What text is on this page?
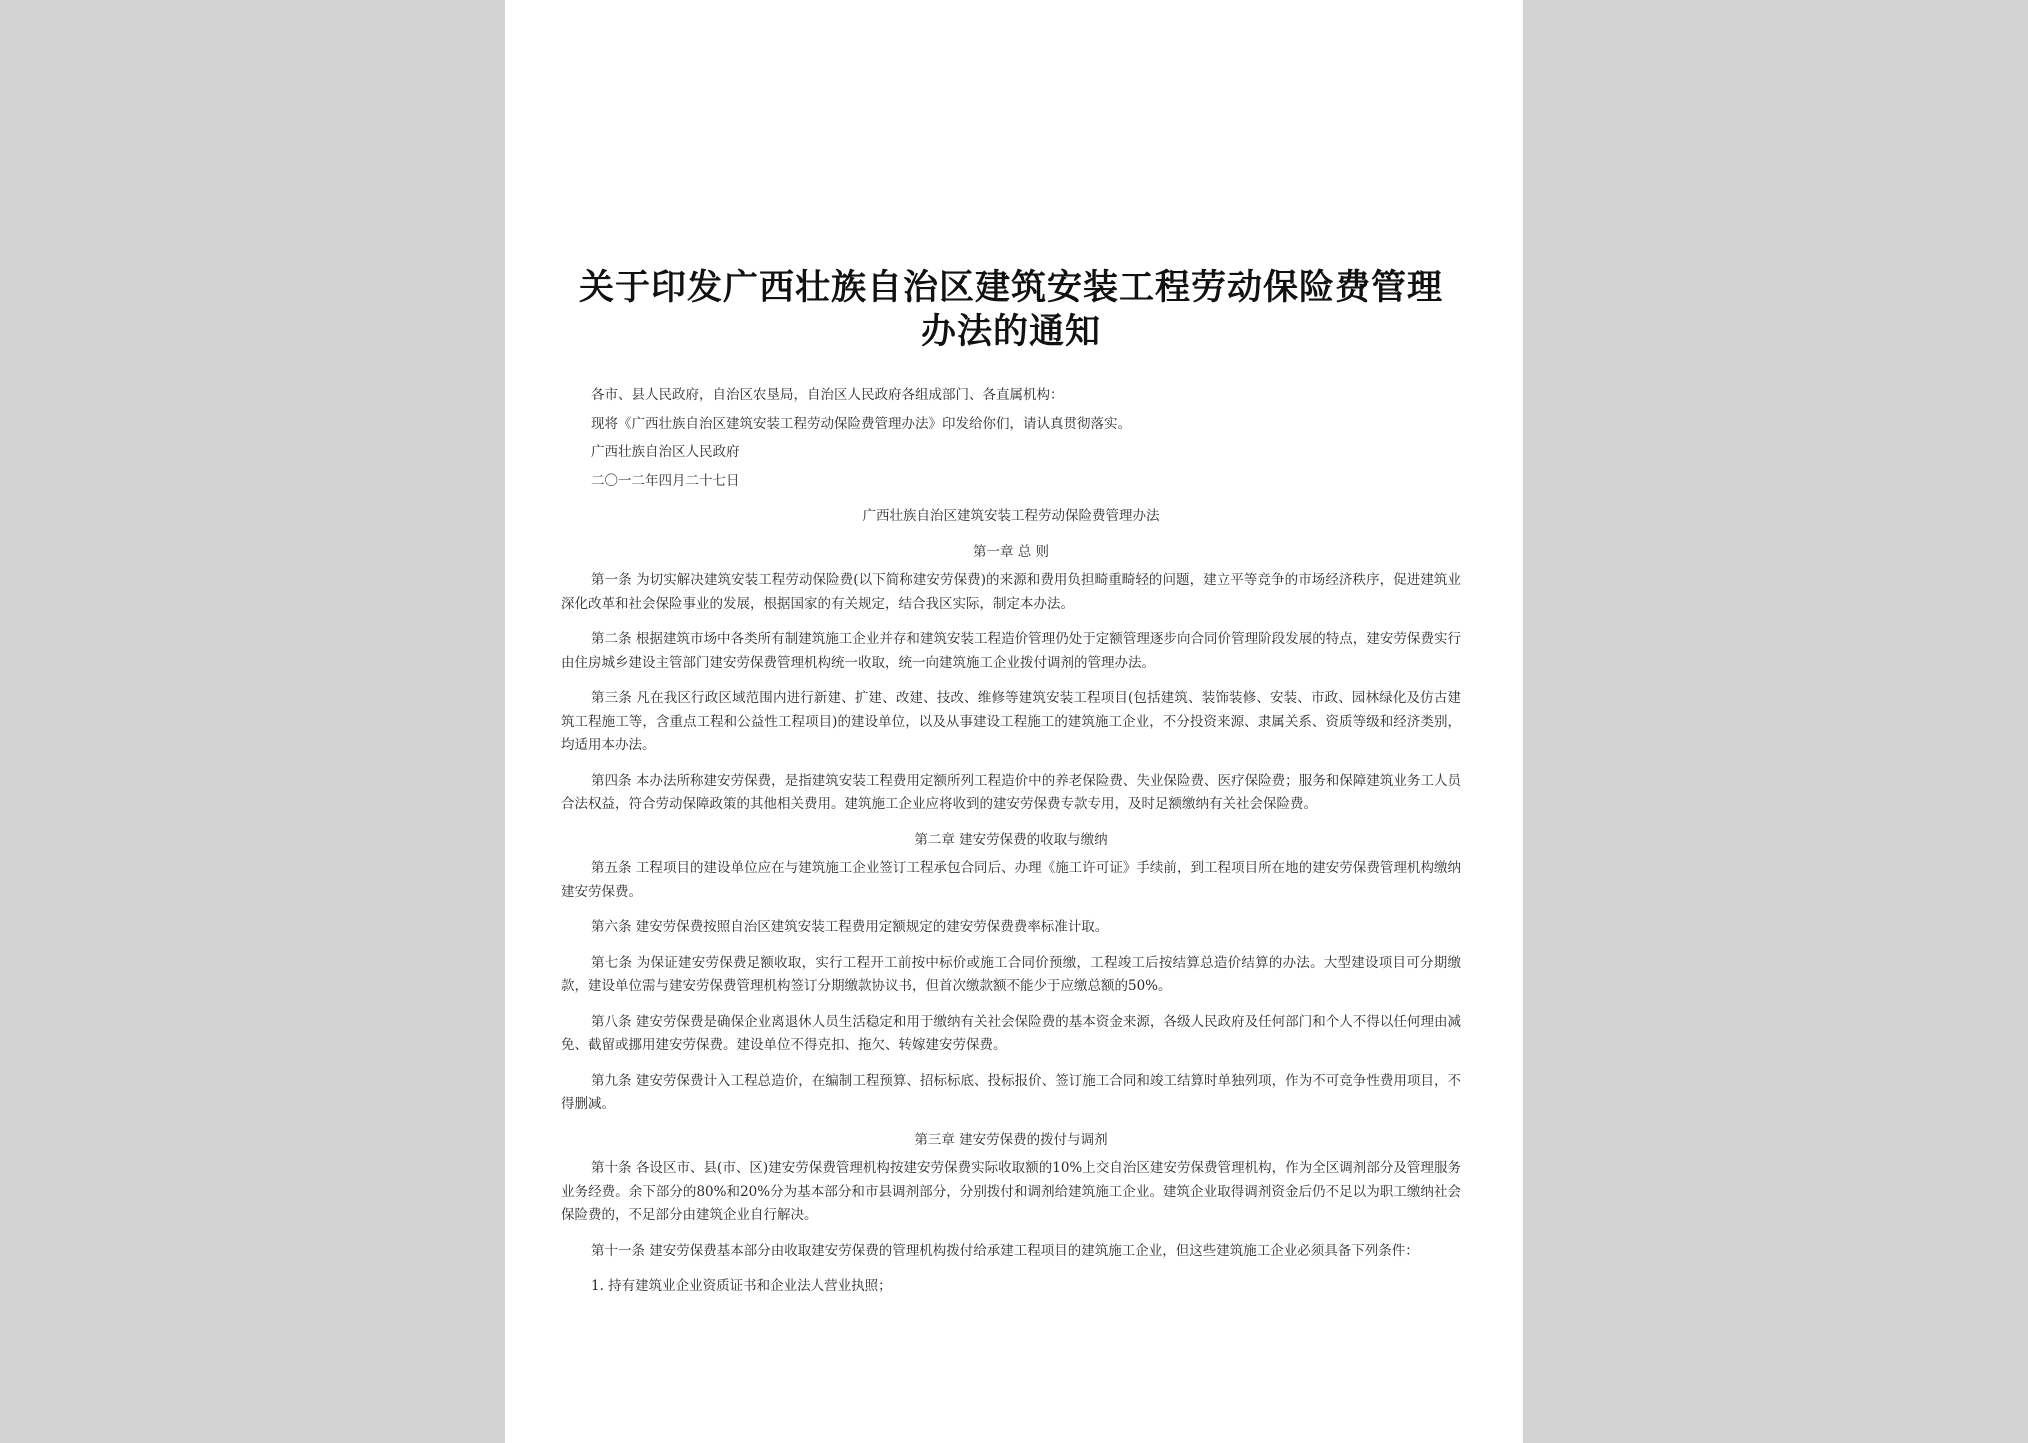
关于印发广西壮族自治区建筑安装工程劳动保险费管理
办法的通知

各市、县人民政府，自治区农垦局，自治区人民政府各组成部门、各直属机构：

现将《广西壮族自治区建筑安装工程劳动保险费管理办法》印发给你们，请认真贯彻落实。

广西壮族自治区人民政府

二〇一二年四月二十七日

广西壮族自治区建筑安装工程劳动保险费管理办法

第一章 总 则

第一条 为切实解决建筑安装工程劳动保险费(以下简称建安劳保费)的来源和费用负担畸重畸轻的问题，建立平等竞争的市场经济秩序，促进建筑业深化改革和社会保险事业的发展，根据国家的有关规定，结合我区实际，制定本办法。

第二条 根据建筑市场中各类所有制建筑施工企业并存和建筑安装工程造价管理仍处于定额管理逐步向合同价管理阶段发展的特点，建安劳保费实行由住房城乡建设主管部门建安劳保费管理机构统一收取，统一向建筑施工企业拨付调剂的管理办法。

第三条 凡在我区行政区域范围内进行新建、扩建、改建、技改、维修等建筑安装工程项目(包括建筑、装饰装修、安装、市政、园林绿化及仿古建筑工程施工等，含重点工程和公益性工程项目)的建设单位，以及从事建设工程施工的建筑施工企业，不分投资来源、隶属关系、资质等级和经济类别，均适用本办法。

第四条 本办法所称建安劳保费，是指建筑安装工程费用定额所列工程造价中的养老保险费、失业保险费、医疗保险费；服务和保障建筑业务工人员合法权益，符合劳动保障政策的其他相关费用。建筑施工企业应将收到的建安劳保费专款专用，及时足额缴纳有关社会保险费。

第二章 建安劳保费的收取与缴纳

第五条 工程项目的建设单位应在与建筑施工企业签订工程承包合同后、办理《施工许可证》手续前，到工程项目所在地的建安劳保费管理机构缴纳建安劳保费。

第六条 建安劳保费按照自治区建筑安装工程费用定额规定的建安劳保费费率标准计取。

第七条 为保证建安劳保费足额收取，实行工程开工前按中标价或施工合同价预缴，工程竣工后按结算总造价结算的办法。大型建设项目可分期缴款，建设单位需与建安劳保费管理机构签订分期缴款协议书，但首次缴款额不能少于应缴总额的50%。

第八条 建安劳保费是确保企业离退休人员生活稳定和用于缴纳有关社会保险费的基本资金来源，各级人民政府及任何部门和个人不得以任何理由减免、截留或挪用建安劳保费。建设单位不得克扣、拖欠、转嫁建安劳保费。

第九条 建安劳保费计入工程总造价，在编制工程预算、招标标底、投标报价、签订施工合同和竣工结算时单独列项，作为不可竞争性费用项目，不得删减。

第三章 建安劳保费的拨付与调剂

第十条 各设区市、县(市、区)建安劳保费管理机构按建安劳保费实际收取额的10%上交自治区建安劳保费管理机构，作为全区调剂部分及管理服务业务经费。余下部分的80%和20%分为基本部分和市县调剂部分，分别拨付和调剂给建筑施工企业。建筑企业取得调剂资金后仍不足以为职工缴纳社会保险费的，不足部分由建筑企业自行解决。

第十一条 建安劳保费基本部分由收取建安劳保费的管理机构拨付给承建工程项目的建筑施工企业，但这些建筑施工企业必须具备下列条件：

1. 持有建筑业企业资质证书和企业法人营业执照；
